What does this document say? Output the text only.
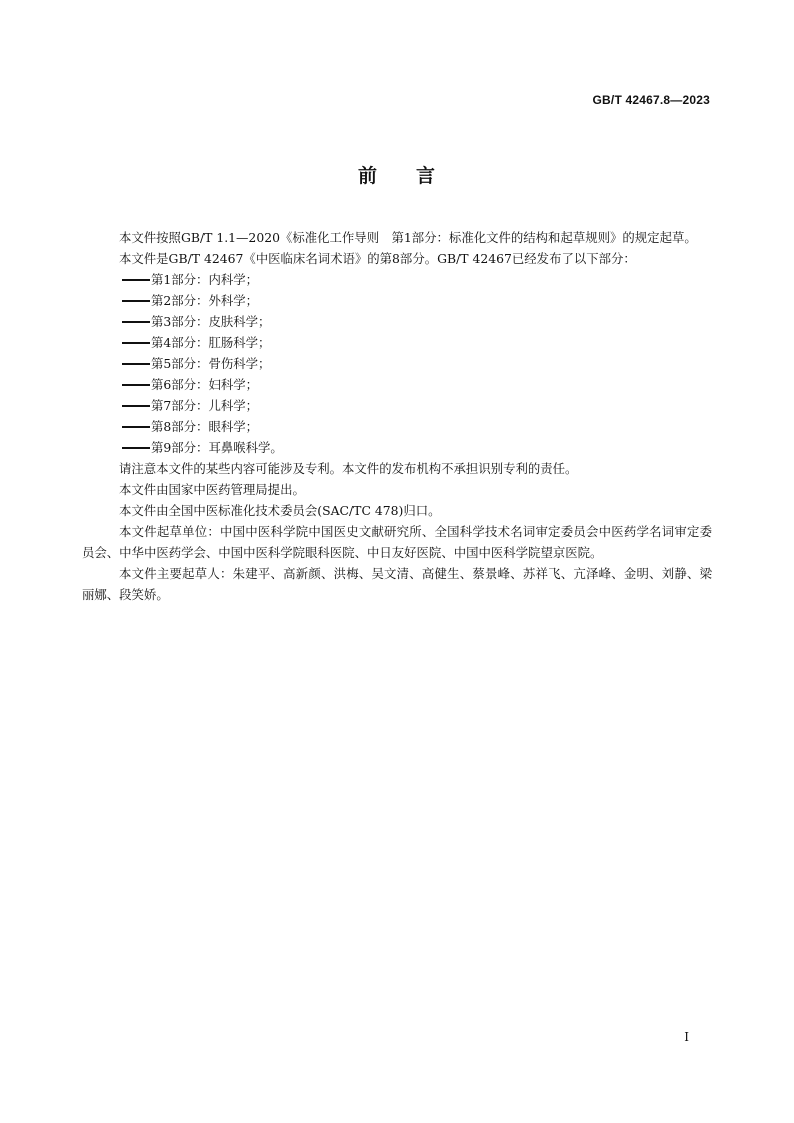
GB/T 42467.8—2023
前 言

本文件按照GB/T 1.1—2020《标准化工作导则　第1部分：标准化文件的结构和起草规则》的规定起草。

本文件是GB/T 42467《中医临床名词术语》的第8部分。GB/T 42467已经发布了以下部分：

第1部分：内科学；

第2部分：外科学；

第3部分：皮肤科学；

第4部分：肛肠科学；

第5部分：骨伤科学；

第6部分：妇科学；

第7部分：儿科学；

第8部分：眼科学；

第9部分：耳鼻喉科学。

请注意本文件的某些内容可能涉及专利。本文件的发布机构不承担识别专利的责任。

本文件由国家中医药管理局提出。

本文件由全国中医标准化技术委员会(SAC/TC 478)归口。

本文件起草单位：中国中医科学院中国医史文献研究所、全国科学技术名词审定委员会中医药学名词审定委员会、中华中医药学会、中国中医科学院眼科医院、中日友好医院、中国中医科学院望京医院。

本文件主要起草人：朱建平、高新颜、洪梅、吴文清、高健生、蔡景峰、苏祥飞、亢泽峰、金明、刘静、梁丽娜、段笑娇。

I
